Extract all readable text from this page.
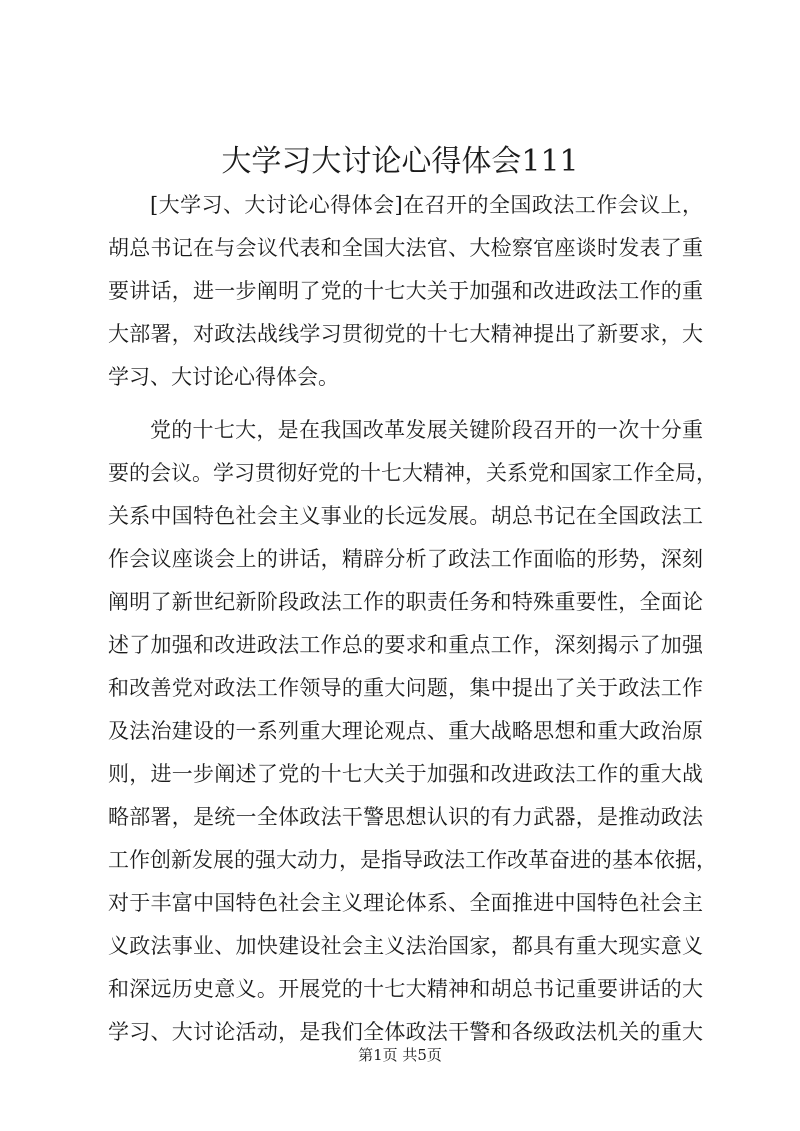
大学习大讨论心得体会111
[大学习、大讨论心得体会]在召开的全国政法工作会议上，
胡总书记在与会议代表和全国大法官、大检察官座谈时发表了重
要讲话，进一步阐明了党的十七大关于加强和改进政法工作的重
大部署，对政法战线学习贯彻党的十七大精神提出了新要求，大
学习、大讨论心得体会。
党的十七大，是在我国改革发展关键阶段召开的一次十分重
要的会议。学习贯彻好党的十七大精神，关系党和国家工作全局，
关系中国特色社会主义事业的长远发展。胡总书记在全国政法工
作会议座谈会上的讲话，精辟分析了政法工作面临的形势，深刻
阐明了新世纪新阶段政法工作的职责任务和特殊重要性，全面论
述了加强和改进政法工作总的要求和重点工作，深刻揭示了加强
和改善党对政法工作领导的重大问题，集中提出了关于政法工作
及法治建设的一系列重大理论观点、重大战略思想和重大政治原
则，进一步阐述了党的十七大关于加强和改进政法工作的重大战
略部署，是统一全体政法干警思想认识的有力武器，是推动政法
工作创新发展的强大动力，是指导政法工作改革奋进的基本依据，
对于丰富中国特色社会主义理论体系、全面推进中国特色社会主
义政法事业、加快建设社会主义法治国家，都具有重大现实意义
和深远历史意义。开展党的十七大精神和胡总书记重要讲话的大
学习、大讨论活动，是我们全体政法干警和各级政法机关的重大
第1页 共5页
